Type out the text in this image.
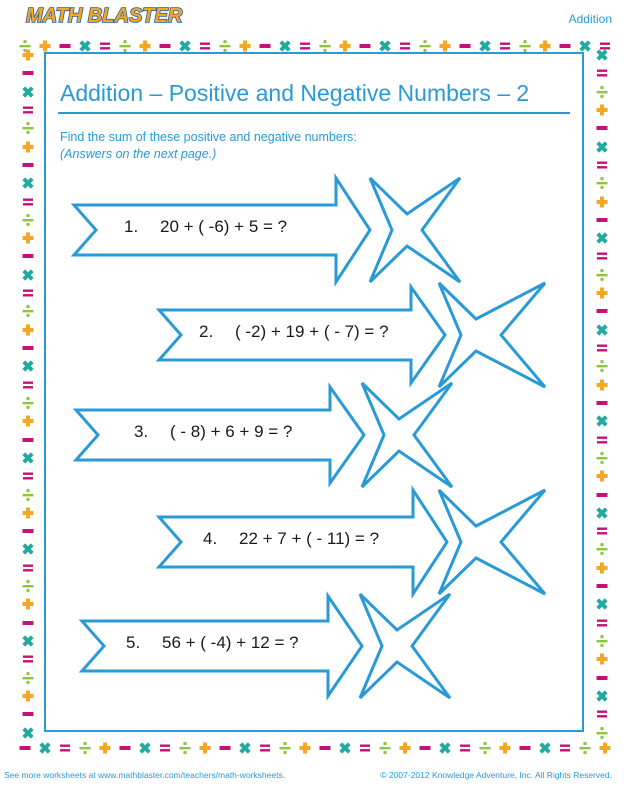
MATH BLASTER	Addition
Addition – Positive and Negative Numbers – 2
Find the sum of these positive and negative numbers:
(Answers on the next page.)
1. 20 + ( -6) + 5 = ?
2. ( -2) + 19 + ( - 7) = ?
3. ( - 8) + 6 + 9 = ?
4. 22 + 7 + ( - 11) = ?
5. 56 + ( -4) + 12 = ?
See more worksheets at www.mathblaster.com/teachers/math-worksheets.	© 2007-2012 Knowledge Adventure, Inc. All Rights Reserved.
